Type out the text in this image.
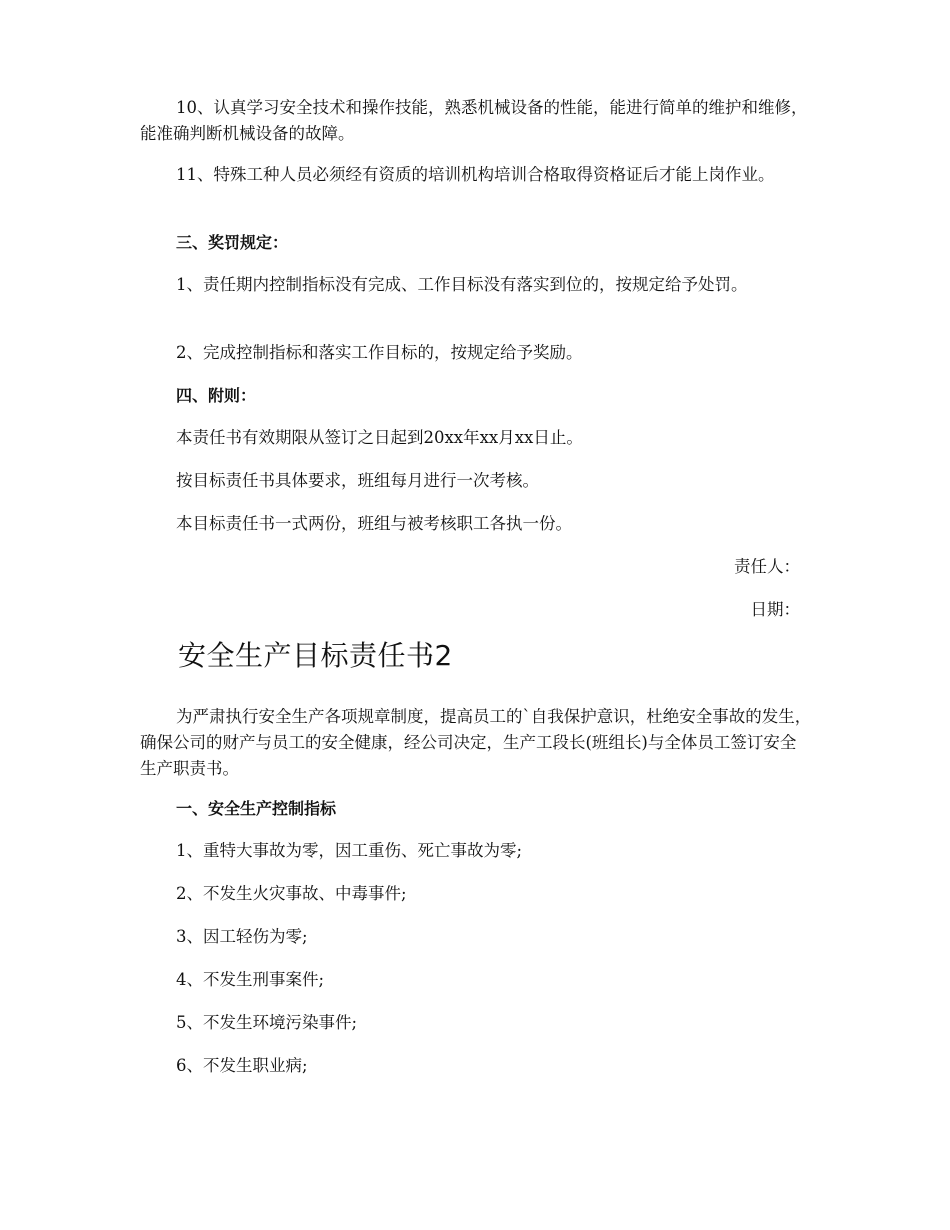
10、认真学习安全技术和操作技能，熟悉机械设备的性能，能进行简单的维护和维修，能准确判断机械设备的故障。

11、特殊工种人员必须经有资质的培训机构培训合格取得资格证后才能上岗作业。

三、奖罚规定：

1、责任期内控制指标没有完成、工作目标没有落实到位的，按规定给予处罚。

2、完成控制指标和落实工作目标的，按规定给予奖励。

四、附则：

本责任书有效期限从签订之日起到20xx年xx月xx日止。

按目标责任书具体要求，班组每月进行一次考核。

本目标责任书一式两份，班组与被考核职工各执一份。

责任人：

日期：

安全生产目标责任书2

为严肃执行安全生产各项规章制度，提高员工的`自我保护意识，杜绝安全事故的发生，确保公司的财产与员工的安全健康，经公司决定，生产工段长(班组长)与全体员工签订安全生产职责书。

一、安全生产控制指标

1、重特大事故为零，因工重伤、死亡事故为零;

2、不发生火灾事故、中毒事件;

3、因工轻伤为零;

4、不发生刑事案件;

5、不发生环境污染事件;

6、不发生职业病;
